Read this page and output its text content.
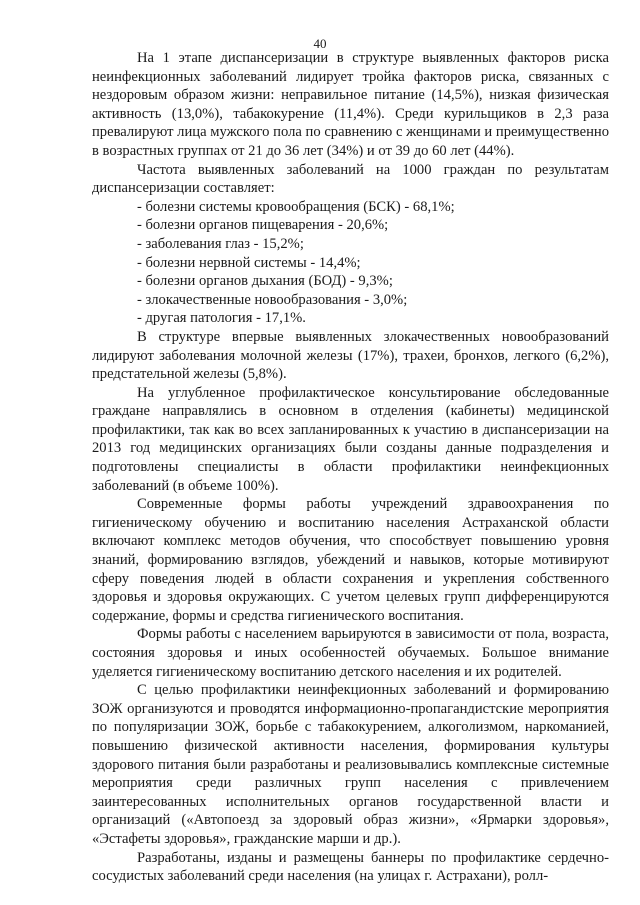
40

На 1 этапе диспансеризации в структуре выявленных факторов риска неинфекционных заболеваний лидирует тройка факторов риска, связанных с нездоровым образом жизни: неправильное питание (14,5%), низкая физическая активность (13,0%), табакокурение (11,4%). Среди курильщиков в 2,3 раза превалируют лица мужского пола по сравнению с женщинами и преимущественно в возрастных группах от 21 до 36 лет (34%) и от 39 до 60 лет (44%).

Частота выявленных заболеваний на 1000 граждан по результатам диспансеризации составляет:

- болезни системы кровообращения (БСК) - 68,1%;
- болезни органов пищеварения - 20,6%;
- заболевания глаз - 15,2%;
- болезни нервной системы - 14,4%;
- болезни органов дыхания (БОД) - 9,3%;
- злокачественные новообразования - 3,0%;
- другая патология - 17,1%.

В структуре впервые выявленных злокачественных новообразований лидируют заболевания молочной железы (17%), трахеи, бронхов, легкого (6,2%), предстательной железы (5,8%).

На углубленное профилактическое консультирование обследованные граждане направлялись в основном в отделения (кабинеты) медицинской профилактики, так как во всех запланированных к участию в диспансеризации на 2013 год медицинских организациях были созданы данные подразделения и подготовлены специалисты в области профилактики неинфекционных заболеваний (в объеме 100%).

Современные формы работы учреждений здравоохранения по гигиеническому обучению и воспитанию населения Астраханской области включают комплекс методов обучения, что способствует повышению уровня знаний, формированию взглядов, убеждений и навыков, которые мотивируют сферу поведения людей в области сохранения и укрепления собственного здоровья и здоровья окружающих. С учетом целевых групп дифференцируются содержание, формы и средства гигиенического воспитания.

Формы работы с населением варьируются в зависимости от пола, возраста, состояния здоровья и иных особенностей обучаемых. Большое внимание уделяется гигиеническому воспитанию детского населения и их родителей.

С целью профилактики неинфекционных заболеваний и формированию ЗОЖ организуются и проводятся информационно-пропагандистские мероприятия по популяризации ЗОЖ, борьбе с табакокурением, алкоголизмом, наркоманией, повышению физической активности населения, формирования культуры здорового питания были разработаны и реализовывались комплексные системные мероприятия среди различных групп населения с привлечением заинтересованных исполнительных органов государственной власти и организаций («Автопоезд за здоровый образ жизни», «Ярмарки здоровья», «Эстафеты здоровья», гражданские марши и др.).

Разработаны, изданы и размещены баннеры по профилактике сердечно-сосудистых заболеваний среди населения (на улицах г. Астрахани), ролл-
